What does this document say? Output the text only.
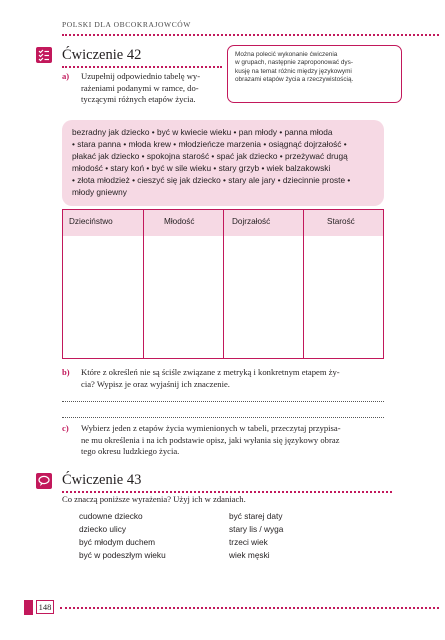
POLSKI DLA OBCOKRAJOWCÓW
Ćwiczenie 42
a) Uzupełnij odpowiednio tabelę wy-
rażeniami podanymi w ramce, do-
tyczącymi różnych etapów życia.
Można polecić wykonanie ćwiczenia
w grupach, następnie zaproponować dys-
kusję na temat różnic między językowymi
obrazami etapów życia a rzeczywistością.
bezradny jak dziecko • być w kwiecie wieku • pan młody • panna młoda
• stara panna • młoda krew • młodzieńcze marzenia • osiągnąć dojrzałość •
płakać jak dziecko • spokojna starość • spać jak dziecko • przeżywać drugą
młodość • stary koń • być w sile wieku • stary grzyb • wiek balzakowski
• złota młodzież • cieszyć się jak dziecko • stary ale jary • dziecinnie proste •
młody gniewny
Dzieciństwo	Młodość	Dojrzałość	Starość
b) Które z określeń nie są ściśle związane z metryką i konkretnym etapem ży-
cia? Wypisz je oraz wyjaśnij ich znaczenie.
c) Wybierz jeden z etapów życia wymienionych w tabeli, przeczytaj przypisa-
ne mu określenia i na ich podstawie opisz, jaki wyłania się językowy obraz
tego okresu ludzkiego życia.
Ćwiczenie 43
Co znaczą poniższe wyrażenia? Użyj ich w zdaniach.
cudowne dziecko
dziecko ulicy
być młodym duchem
być w podeszłym wieku
być starej daty
stary lis / wyga
trzeci wiek
wiek męski
148
